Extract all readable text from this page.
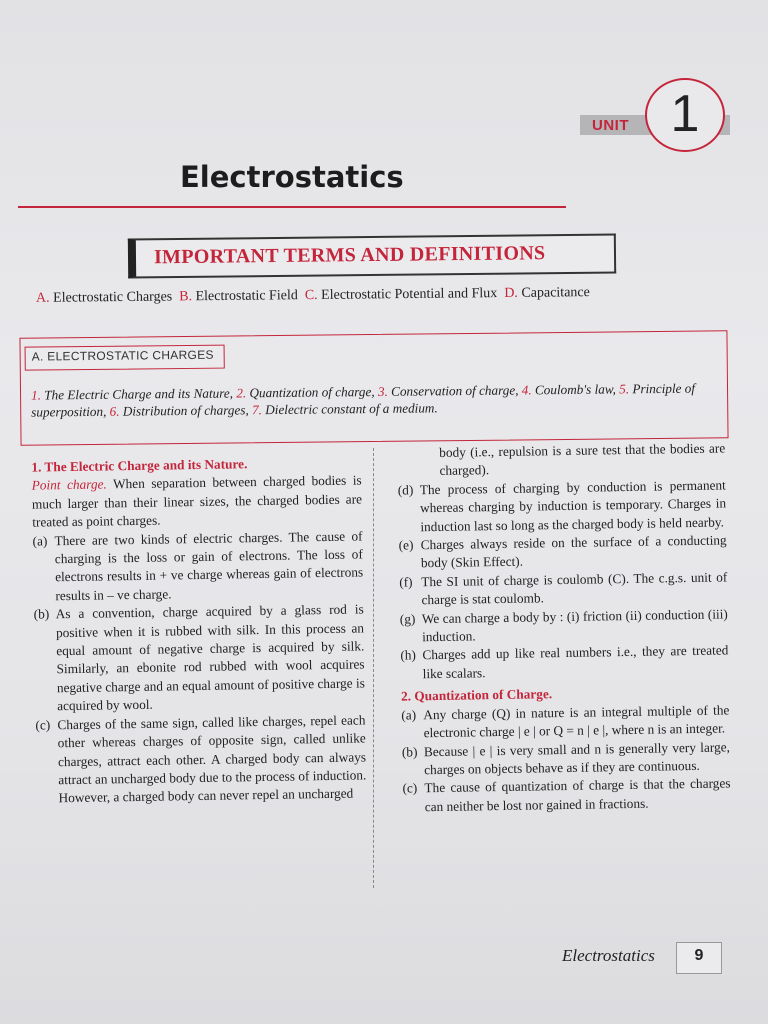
UNIT 1
Electrostatics
IMPORTANT TERMS AND DEFINITIONS
A. Electrostatic Charges B. Electrostatic Field C. Electrostatic Potential and Flux D. Capacitance
A. ELECTROSTATIC CHARGES
1. The Electric Charge and its Nature, 2. Quantization of charge, 3. Conservation of charge, 4. Coulomb's law, 5. Principle of superposition, 6. Distribution of charges, 7. Dielectric constant of a medium.
1. The Electric Charge and its Nature.

Point charge. When separation between charged bodies is much larger than their linear sizes, the charged bodies are treated as point charges.

(a) There are two kinds of electric charges. The cause of charging is the loss or gain of electrons. The loss of electrons results in + ve charge whereas gain of electrons results in – ve charge.
(b) As a convention, charge acquired by a glass rod is positive when it is rubbed with silk. In this process an equal amount of negative charge is acquired by silk. Similarly, an ebonite rod rubbed with wool acquires negative charge and an equal amount of positive charge is acquired by wool.
(c) Charges of the same sign, called like charges, repel each other whereas charges of opposite sign, called unlike charges, attract each other. A charged body can always attract an uncharged body due to the process of induction. However, a charged body can never repel an uncharged
body (i.e., repulsion is a sure test that the bodies are charged).
(d) The process of charging by conduction is permanent whereas charging by induction is temporary. Charges in induction last so long as the charged body is held nearby.
(e) Charges always reside on the surface of a conducting body (Skin Effect).
(f) The SI unit of charge is coulomb (C). The c.g.s. unit of charge is stat coulomb.
(g) We can charge a body by : (i) friction (ii) conduction (iii) induction.
(h) Charges add up like real numbers i.e., they are treated like scalars.
2. Quantization of Charge.
(a) Any charge (Q) in nature is an integral multiple of the electronic charge | e | or Q = n | e |, where n is an integer.
(b) Because | e | is very small and n is generally very large, charges on objects behave as if they are continuous.
(c) The cause of quantization of charge is that the charges can neither be lost nor gained in fractions.
Electrostatics	9
